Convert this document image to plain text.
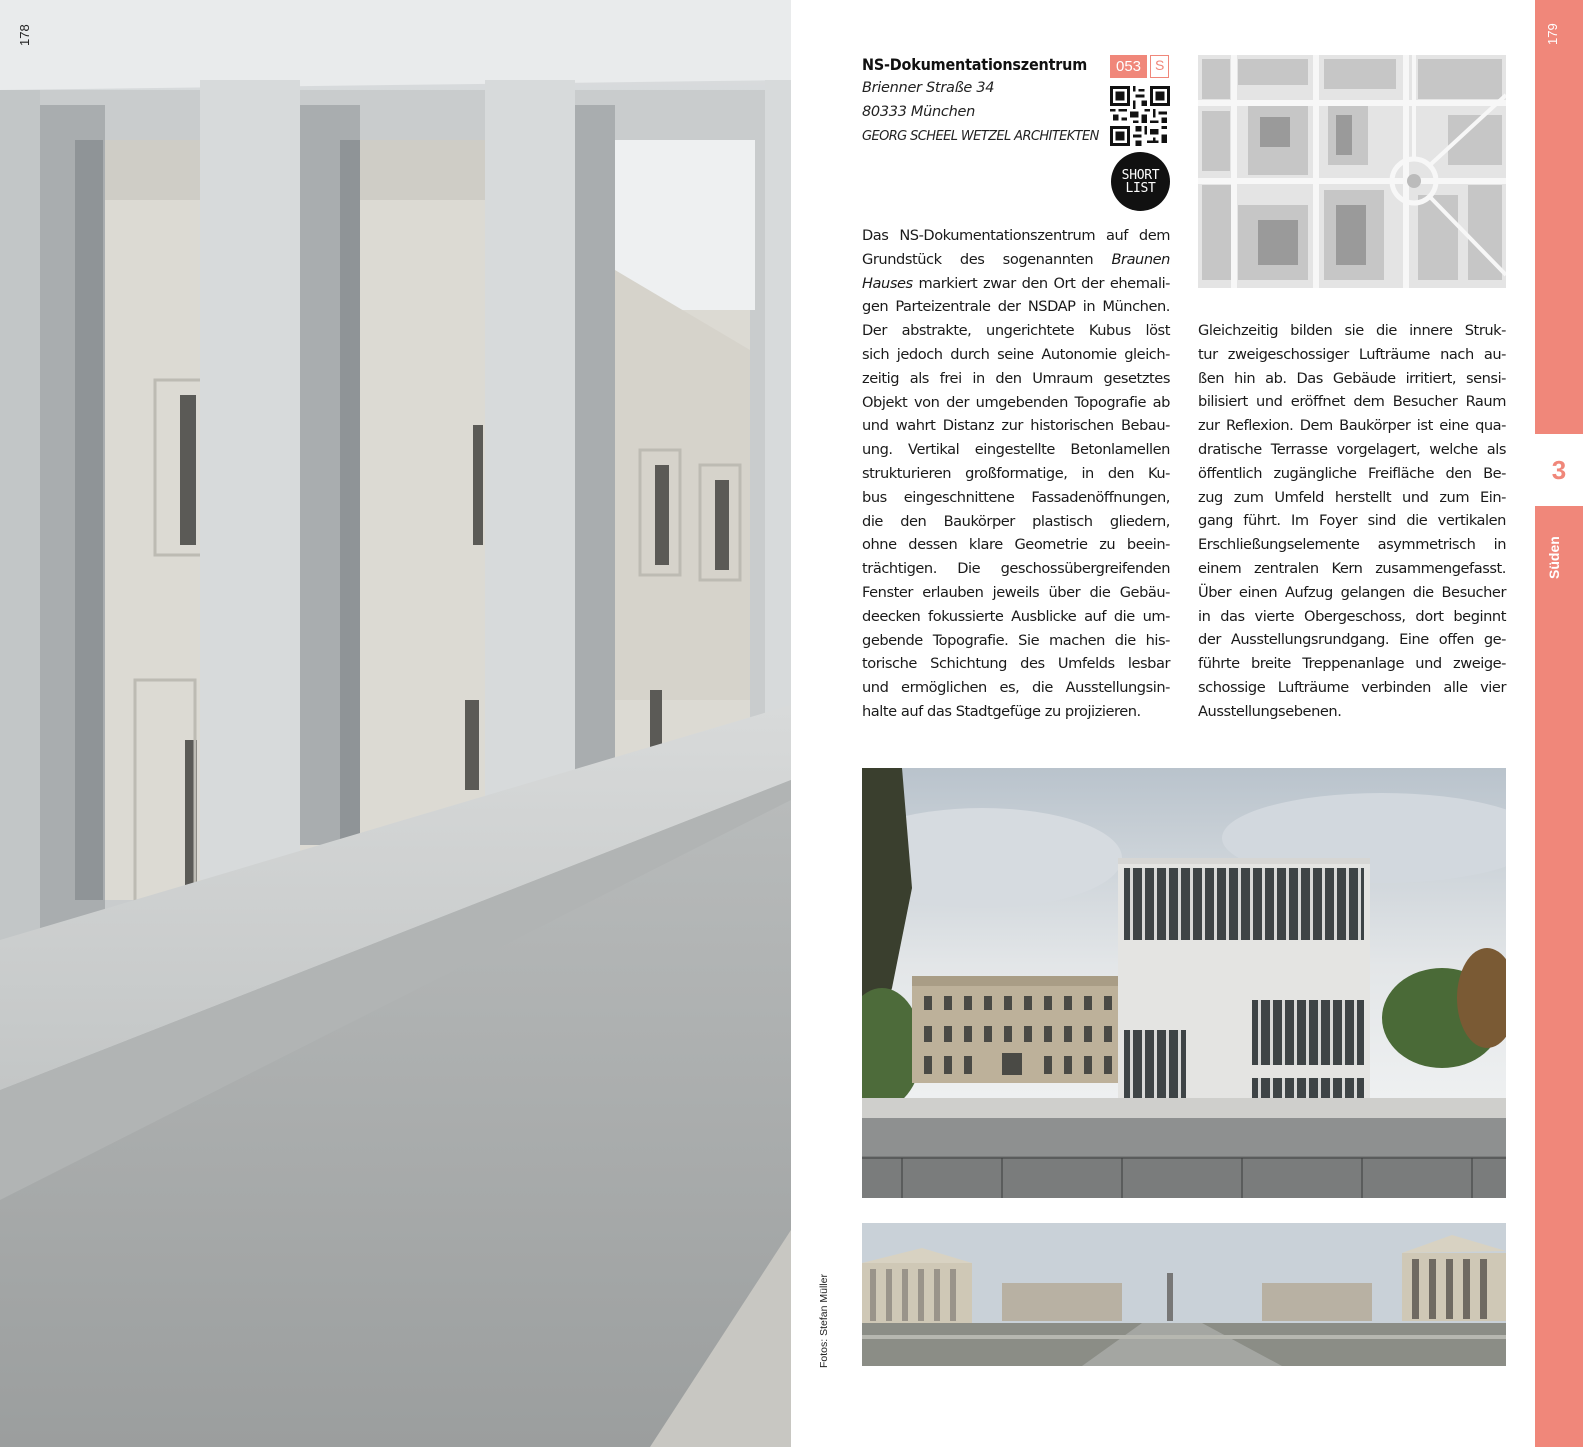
178
NS-Dokumentationszentrum
Brienner Straße 34
80333 München
GEORG SCHEEL WETZEL ARCHITEKTEN
053	S
SHORT
LIST
Das NS-Dokumentationszentrum auf dem
Grundstück des sogenannten Braunen
Hauses markiert zwar den Ort der ehemali-
gen Parteizentrale der NSDAP in München.
Der abstrakte, ungerichtete Kubus löst
sich jedoch durch seine Autonomie gleich-
zeitig als frei in den Umraum gesetztes
Objekt von der umgebenden Topografie ab
und wahrt Distanz zur historischen Bebau-
ung. Vertikal eingestellte Betonlamellen
strukturieren großformatige, in den Ku-
bus eingeschnittene Fassadenöffnungen,
die den Baukörper plastisch gliedern,
ohne dessen klare Geometrie zu beein-
trächtigen. Die geschossübergreifenden
Fenster erlauben jeweils über die Gebäu-
deecken fokussierte Ausblicke auf die um-
gebende Topografie. Sie machen die his-
torische Schichtung des Umfelds lesbar
und ermöglichen es, die Ausstellungsin-
halte auf das Stadtgefüge zu projizieren.
Gleichzeitig bilden sie die innere Struk-
tur zweigeschossiger Lufträume nach au-
ßen hin ab. Das Gebäude irritiert, sensi-
bilisiert und eröffnet dem Besucher Raum
zur Reflexion. Dem Baukörper ist eine qua-
dratische Terrasse vorgelagert, welche als
öffentlich zugängliche Freifläche den Be-
zug zum Umfeld herstellt und zum Ein-
gang führt. Im Foyer sind die vertikalen
Erschließungselemente asymmetrisch in
einem zentralen Kern zusammengefasst.
Über einen Aufzug gelangen die Besucher
in das vierte Obergeschoss, dort beginnt
der Ausstellungsrundgang. Eine offen ge-
führte breite Treppenanlage und zweige-
schossige Lufträume verbinden alle vier
Ausstellungsebenen.
Fotos: Stefan Müller
179
3
Süden
